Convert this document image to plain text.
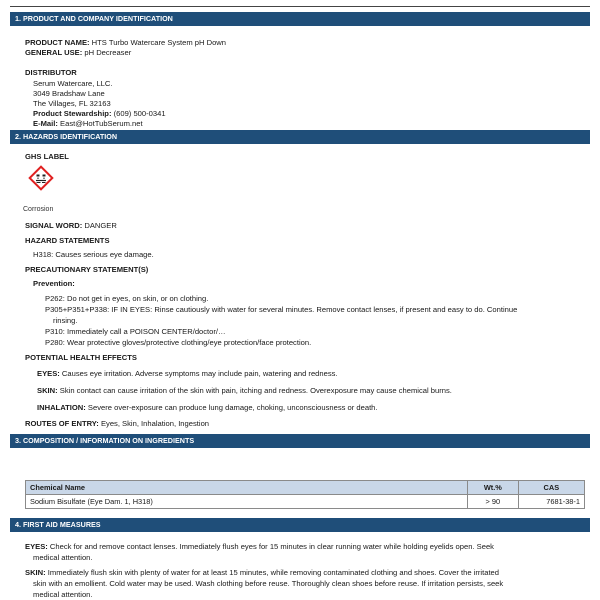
1. PRODUCT AND COMPANY IDENTIFICATION
PRODUCT NAME: HTS Turbo Watercare System pH Down
GENERAL USE: pH Decreaser
DISTRIBUTOR
Serum Watercare, LLC.
3049 Bradshaw Lane
The Villages, FL 32163
Product Stewardship: (609) 500-0341
E-Mail: East@HotTubSerum.net
2. HAZARDS IDENTIFICATION
GHS LABEL
Corrosion
SIGNAL WORD: DANGER
HAZARD STATEMENTS
H318: Causes serious eye damage.
PRECAUTIONARY STATEMENT(S)
Prevention:
P262: Do not get in eyes, on skin, or on clothing.
P305+P351+P338: IF IN EYES: Rinse cautiously with water for several minutes. Remove contact lenses, if present and easy to do. Continue
rinsing.
P310: Immediately call a POISON CENTER/doctor/…
P280: Wear protective gloves/protective clothing/eye protection/face protection.
POTENTIAL HEALTH EFFECTS
EYES: Causes eye irritation. Adverse symptoms may include pain, watering and redness.
SKIN: Skin contact can cause irritation of the skin with pain, itching and redness. Overexposure may cause chemical burns.
INHALATION: Severe over-exposure can produce lung damage, choking, unconsciousness or death.
ROUTES OF ENTRY: Eyes, Skin, Inhalation, Ingestion
3. COMPOSITION / INFORMATION ON INGREDIENTS
Chemical Name	Wt.%	CAS
Sodium Bisulfate (Eye Dam. 1, H318)	> 90	7681-38-1
4. FIRST AID MEASURES
EYES: Check for and remove contact lenses. Immediately flush eyes for 15 minutes in clear running water while holding eyelids open. Seek
medical attention.
SKIN: Immediately flush skin with plenty of water for at least 15 minutes, while removing contaminated clothing and shoes. Cover the irritated
skin with an emollient. Cold water may be used. Wash clothing before reuse. Thoroughly clean shoes before reuse. If irritation persists, seek
medical attention.
